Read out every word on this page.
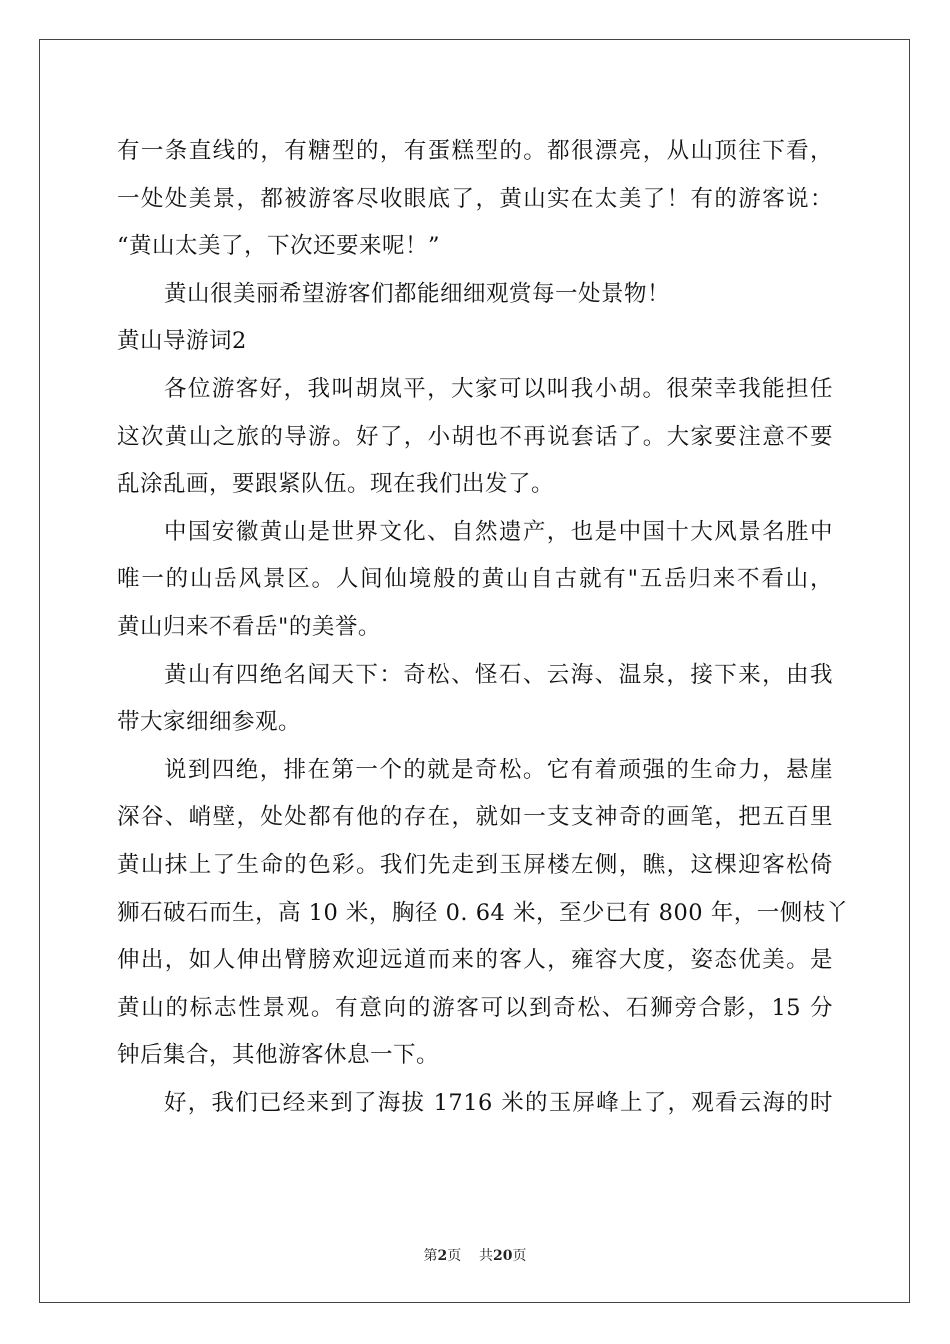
有一条直线的，有糖型的，有蛋糕型的。都很漂亮，从山顶往下看，
一处处美景，都被游客尽收眼底了，黄山实在太美了！有的游客说：
“黄山太美了，下次还要来呢！”
黄山很美丽希望游客们都能细细观赏每一处景物！
黄山导游词2
各位游客好，我叫胡岚平，大家可以叫我小胡。很荣幸我能担任
这次黄山之旅的导游。好了，小胡也不再说套话了。大家要注意不要
乱涂乱画，要跟紧队伍。现在我们出发了。
中国安徽黄山是世界文化、自然遗产，也是中国十大风景名胜中
唯一的山岳风景区。人间仙境般的黄山自古就有"五岳归来不看山，
黄山归来不看岳"的美誉。
黄山有四绝名闻天下：奇松、怪石、云海、温泉，接下来，由我
带大家细细参观。
说到四绝，排在第一个的就是奇松。它有着顽强的生命力，悬崖
深谷、峭壁，处处都有他的存在，就如一支支神奇的画笔，把五百里
黄山抹上了生命的色彩。我们先走到玉屏楼左侧，瞧，这棵迎客松倚
狮石破石而生，高 10 米，胸径 0. 64 米，至少已有 800 年，一侧枝丫
伸出，如人伸出臂膀欢迎远道而来的客人，雍容大度，姿态优美。是
黄山的标志性景观。有意向的游客可以到奇松、石狮旁合影，15 分
钟后集合，其他游客休息一下。
好，我们已经来到了海拔 1716 米的玉屏峰上了，观看云海的时
第2页 共20页
